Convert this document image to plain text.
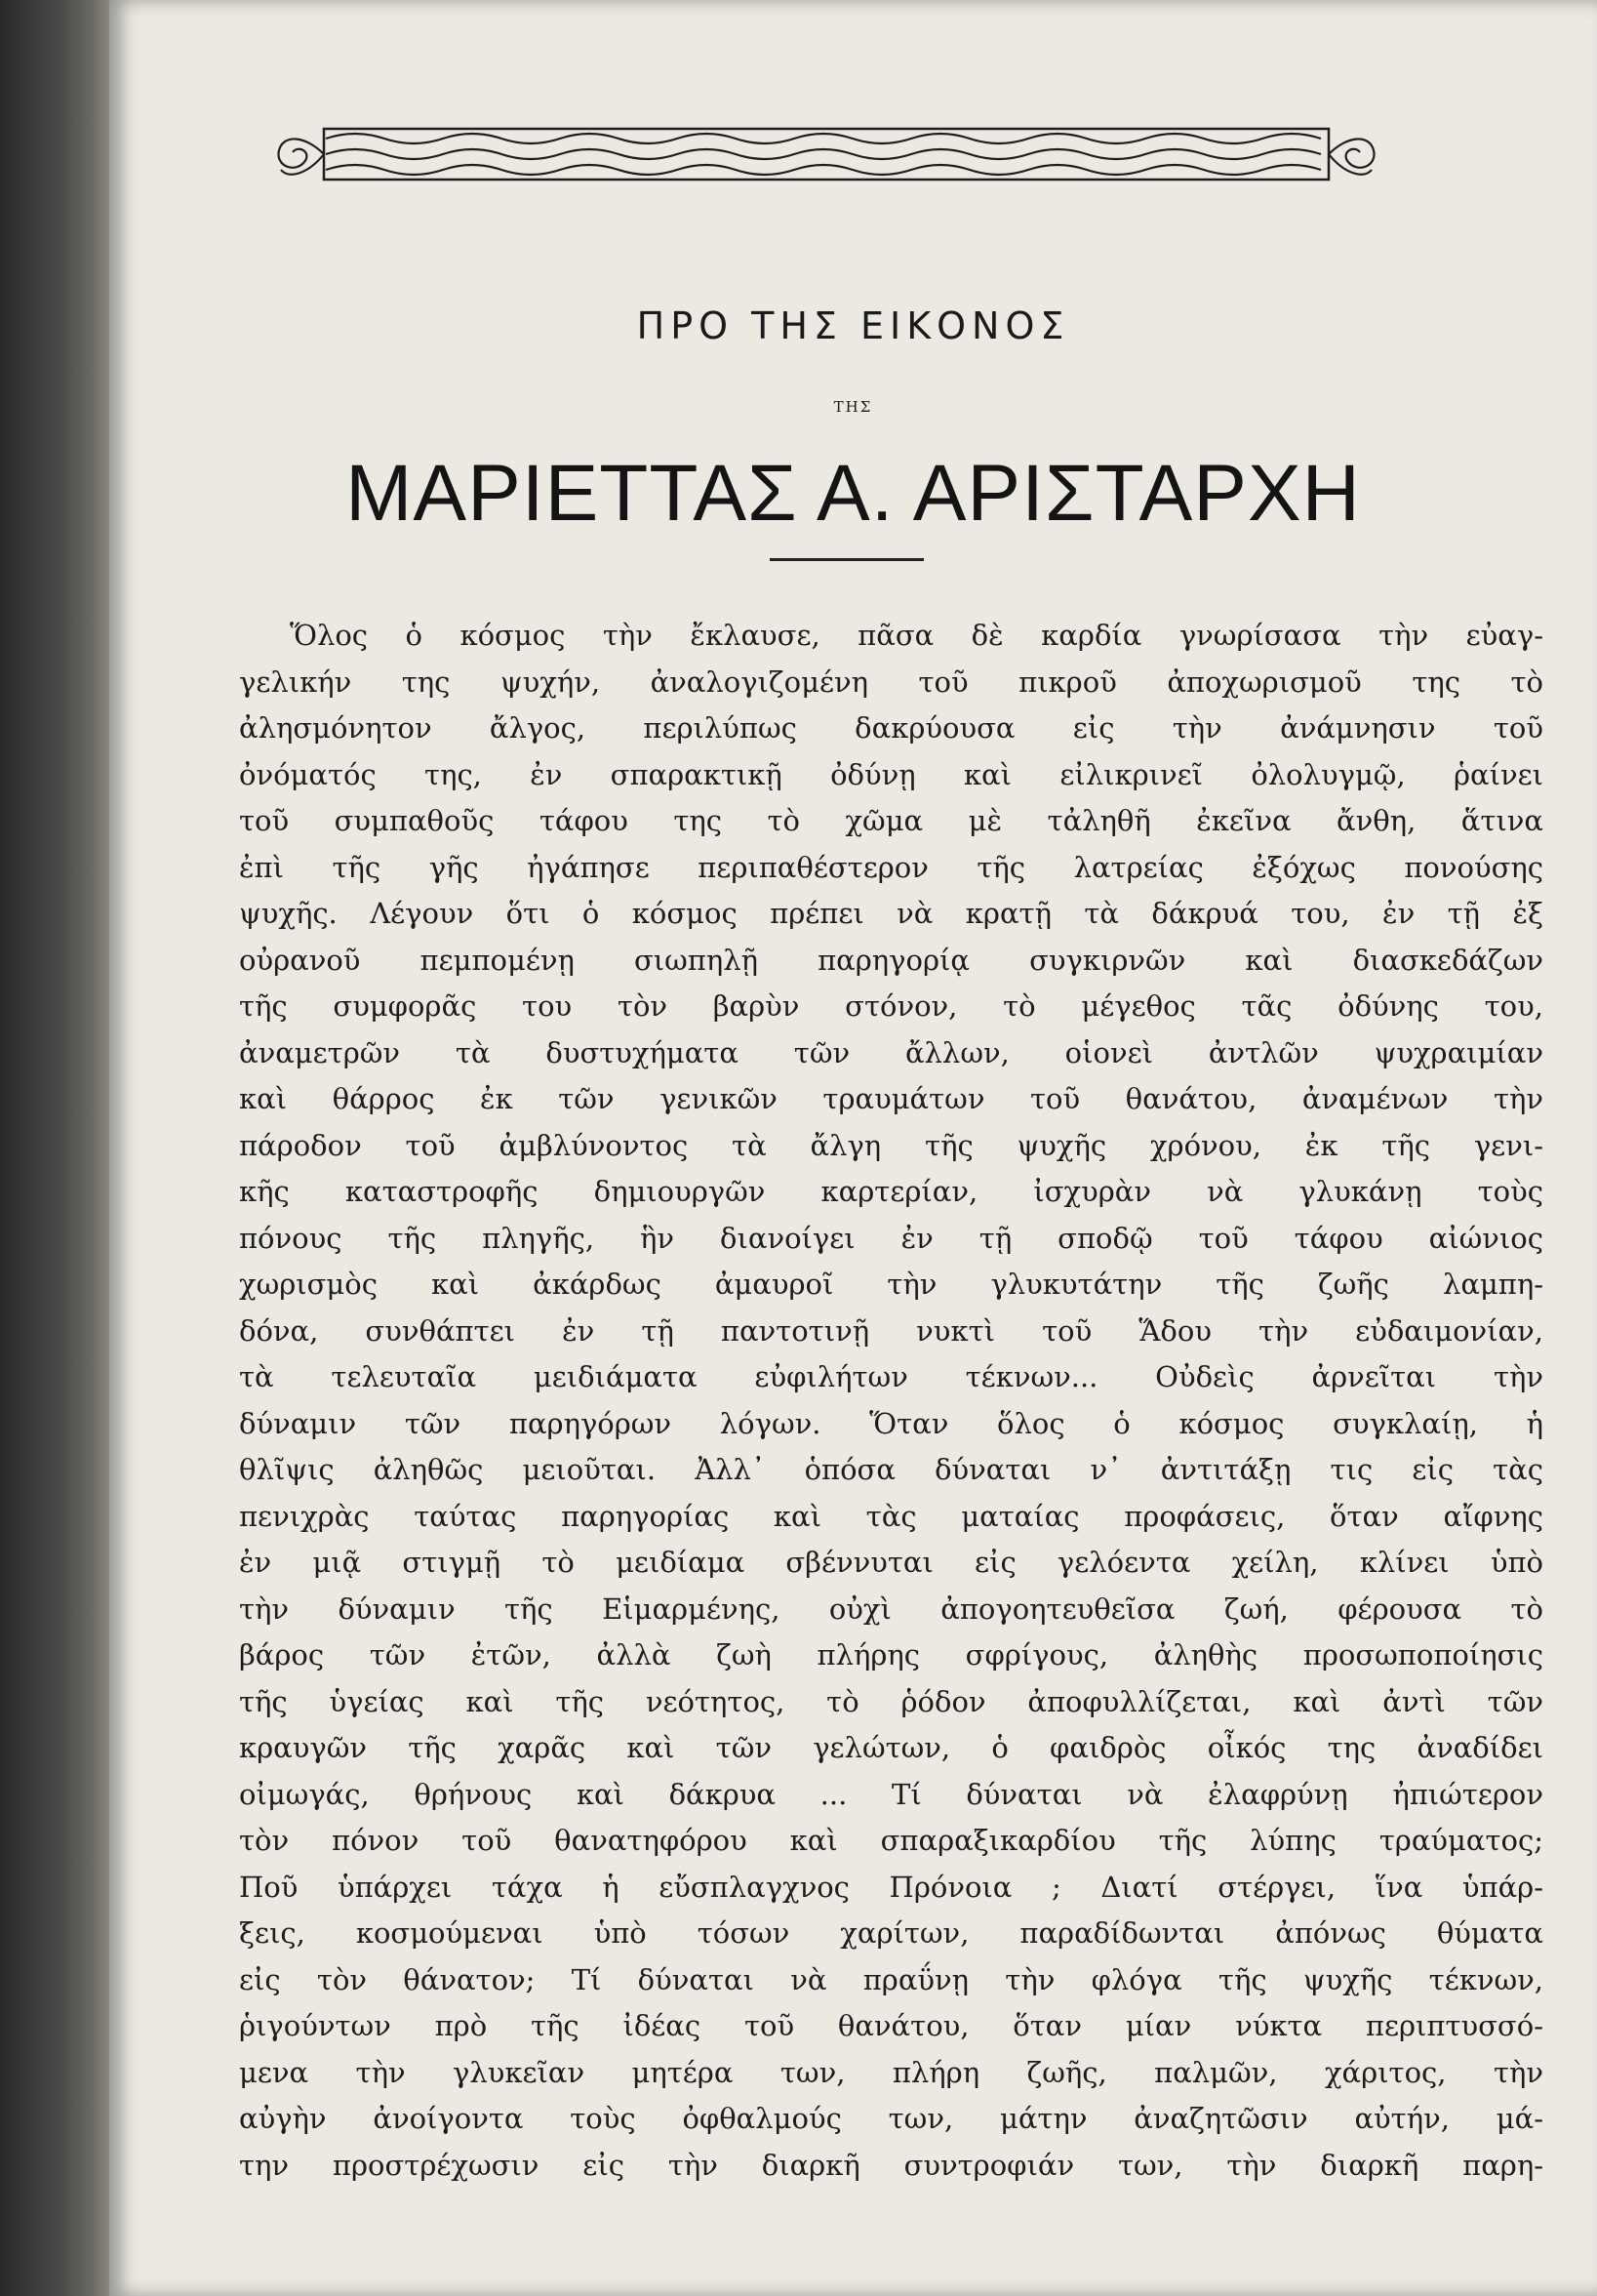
ΠΡΟ ΤΗΣ ΕΙΚΟΝΟΣ
ΤΗΣ
ΜΑΡΙΕΤΤΑΣ Α. ΑΡΙΣΤΑΡΧΗ
Ὅλος ὁ κόσμος τὴν ἔκλαυσε, πᾶσα δὲ καρδία γνωρίσασα τὴν εὐαγ-
γελικήν της ψυχήν, ἀναλογιζομένη τοῦ πικροῦ ἀποχωρισμοῦ της τὸ
ἀλησμόνητον ἄλγος, περιλύπως δακρύουσα εἰς τὴν ἀνάμνησιν τοῦ
ὀνόματός της, ἐν σπαρακτικῇ ὀδύνῃ καὶ εἰλικρινεῖ ὀλολυγμῷ, ῥαίνει
τοῦ συμπαθοῦς τάφου της τὸ χῶμα μὲ τἀληθῆ ἐκεῖνα ἄνθη, ἅτινα
ἐπὶ τῆς γῆς ἠγάπησε περιπαθέστερον τῆς λατρείας ἐξόχως πονούσης
ψυχῆς. Λέγουν ὅτι ὁ κόσμος πρέπει νὰ κρατῇ τὰ δάκρυά του, ἐν τῇ ἐξ
οὐρανοῦ πεμπομένῃ σιωπηλῇ παρηγορίᾳ συγκιρνῶν καὶ διασκεδάζων
τῆς συμφορᾶς του τὸν βαρὺν στόνον, τὸ μέγεθος τᾶς ὀδύνης του,
ἀναμετρῶν τὰ δυστυχήματα τῶν ἄλλων, οἱονεὶ ἀντλῶν ψυχραιμίαν
καὶ θάρρος ἐκ τῶν γενικῶν τραυμάτων τοῦ θανάτου, ἀναμένων τὴν
πάροδον τοῦ ἀμβλύνοντος τὰ ἄλγη τῆς ψυχῆς χρόνου, ἐκ τῆς γενι-
κῆς καταστροφῆς δημιουργῶν καρτερίαν, ἰσχυρὰν νὰ γλυκάνῃ τοὺς
πόνους τῆς πληγῆς, ἣν διανοίγει ἐν τῇ σποδῷ τοῦ τάφου αἰώνιος
χωρισμὸς καὶ ἀκάρδως ἀμαυροῖ τὴν γλυκυτάτην τῆς ζωῆς λαμπη-
δόνα, συνθάπτει ἐν τῇ παντοτινῇ νυκτὶ τοῦ Ἅδου τὴν εὐδαιμονίαν,
τὰ τελευταῖα μειδιάματα εὐφιλήτων τέκνων... Οὐδεὶς ἀρνεῖται τὴν
δύναμιν τῶν παρηγόρων λόγων. Ὅταν ὅλος ὁ κόσμος συγκλαίῃ, ἡ
θλῖψις ἀληθῶς μειοῦται. Ἀλλ᾽ ὁπόσα δύναται ν᾽ ἀντιτάξῃ τις εἰς τὰς
πενιχρὰς ταύτας παρηγορίας καὶ τὰς ματαίας προφάσεις, ὅταν αἴφνης
ἐν μιᾷ στιγμῇ τὸ μειδίαμα σβέννυται εἰς γελόεντα χείλη, κλίνει ὑπὸ
τὴν δύναμιν τῆς Εἱμαρμένης, οὐχὶ ἀπογοητευθεῖσα ζωή, φέρουσα τὸ
βάρος τῶν ἐτῶν, ἀλλὰ ζωὴ πλήρης σφρίγους, ἀληθὴς προσωποποίησις
τῆς ὑγείας καὶ τῆς νεότητος, τὸ ῥόδον ἀποφυλλίζεται, καὶ ἀντὶ τῶν
κραυγῶν τῆς χαρᾶς καὶ τῶν γελώτων, ὁ φαιδρὸς οἶκός της ἀναδίδει
οἰμωγάς, θρήνους καὶ δάκρυα ... Τί δύναται νὰ ἐλαφρύνῃ ἠπιώτερον
τὸν πόνον τοῦ θανατηφόρου καὶ σπαραξικαρδίου τῆς λύπης τραύματος;
Ποῦ ὑπάρχει τάχα ἡ εὔσπλαγχνος Πρόνοια ; Διατί στέργει, ἵνα ὑπάρ-
ξεις, κοσμούμεναι ὑπὸ τόσων χαρίτων, παραδίδωνται ἀπόνως θύματα
εἰς τὸν θάνατον; Τί δύναται νὰ πραΰνῃ τὴν φλόγα τῆς ψυχῆς τέκνων,
ῥιγούντων πρὸ τῆς ἰδέας τοῦ θανάτου, ὅταν μίαν νύκτα περιπτυσσό-
μενα τὴν γλυκεῖαν μητέρα των, πλήρη ζωῆς, παλμῶν, χάριτος, τὴν
αὐγὴν ἀνοίγοντα τοὺς ὀφθαλμούς των, μάτην ἀναζητῶσιν αὐτήν, μά-
την προστρέχωσιν εἰς τὴν διαρκῆ συντροφιάν των, τὴν διαρκῆ παρη-
